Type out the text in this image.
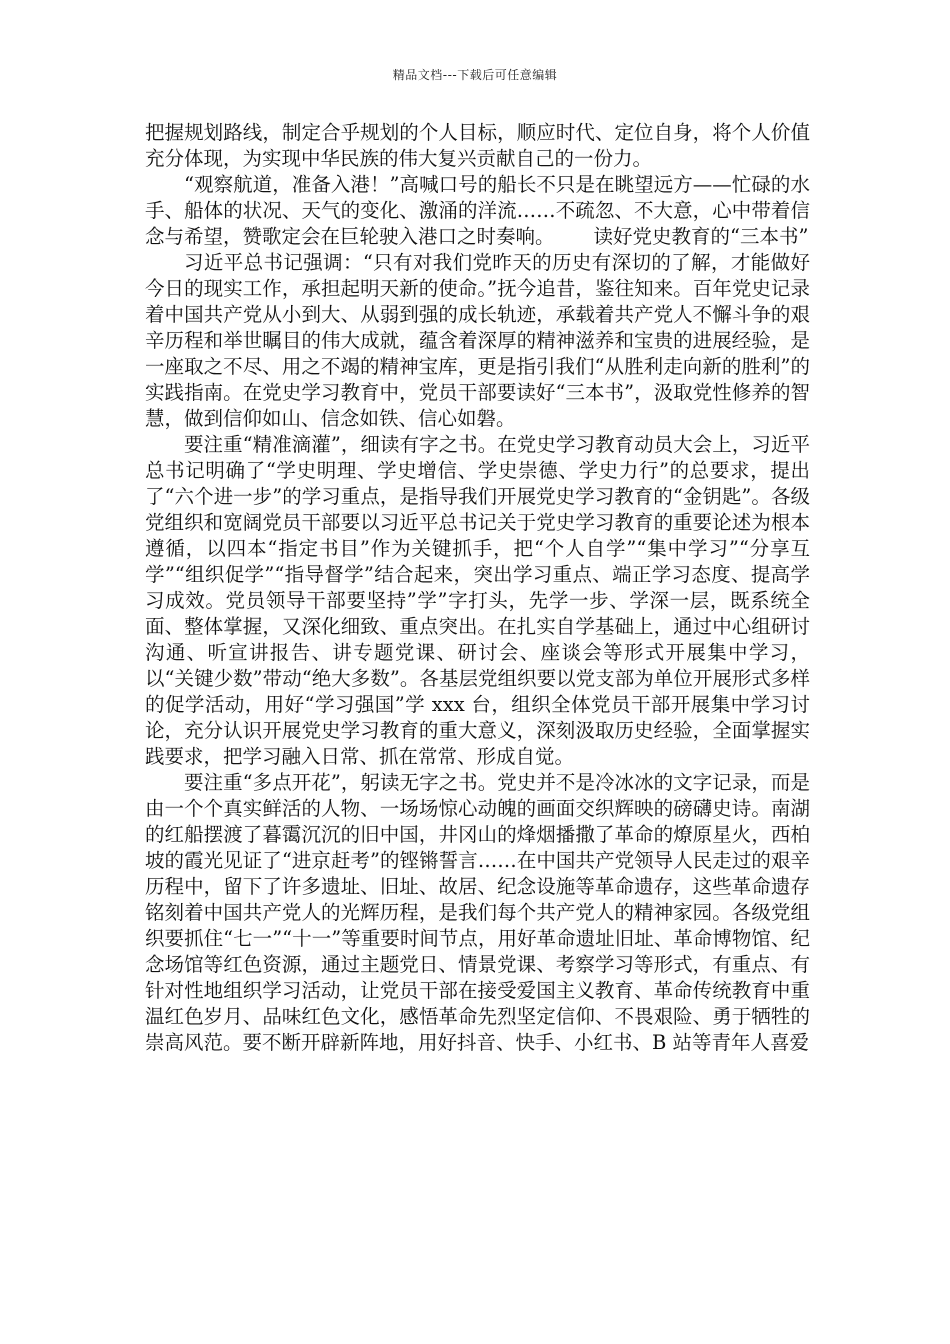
精品文档---下载后可任意编辑

把握规划路线，制定合乎规划的个人目标，顺应时代、定位自身，将个人价值充分体现，为实现中华民族的伟大复兴贡献自己的一份力。

“观察航道，准备入港！”高喊口号的船长不只是在眺望远方——忙碌的水手、船体的状况、天气的变化、激涌的洋流……不疏忽、不大意，心中带着信念与希望，赞歌定会在巨轮驶入港口之时奏响。 读好党史教育的“三本书”

习近平总书记强调：“只有对我们党昨天的历史有深切的了解，才能做好今日的现实工作，承担起明天新的使命。”抚今追昔，鉴往知来。百年党史记录着中国共产党从小到大、从弱到强的成长轨迹，承载着共产党人不懈斗争的艰辛历程和举世瞩目的伟大成就，蕴含着深厚的精神滋养和宝贵的进展经验，是一座取之不尽、用之不竭的精神宝库，更是指引我们“从胜利走向新的胜利”的实践指南。在党史学习教育中，党员干部要读好“三本书”，汲取党性修养的智慧，做到信仰如山、信念如铁、信心如磐。

要注重“精准滴灌”，细读有字之书。在党史学习教育动员大会上，习近平总书记明确了“学史明理、学史增信、学史崇德、学史力行”的总要求，提出了“六个进一步”的学习重点，是指导我们开展党史学习教育的“金钥匙”。各级党组织和宽阔党员干部要以习近平总书记关于党史学习教育的重要论述为根本遵循，以四本“指定书目”作为关键抓手，把“个人自学”“集中学习”“分享互学”“组织促学”“指导督学”结合起来，突出学习重点、端正学习态度、提高学习成效。党员领导干部要坚持”学”字打头，先学一步、学深一层，既系统全面、整体掌握，又深化细致、重点突出。在扎实自学基础上，通过中心组研讨沟通、听宣讲报告、讲专题党课、研讨会、座谈会等形式开展集中学习，以“关键少数”带动“绝大多数”。各基层党组织要以党支部为单位开展形式多样的促学活动，用好“学习强国”学 xxx 台，组织全体党员干部开展集中学习讨论，充分认识开展党史学习教育的重大意义，深刻汲取历史经验，全面掌握实践要求，把学习融入日常、抓在常常、形成自觉。

要注重“多点开花”，躬读无字之书。党史并不是冷冰冰的文字记录，而是由一个个真实鲜活的人物、一场场惊心动魄的画面交织辉映的磅礴史诗。南湖的红船摆渡了暮霭沉沉的旧中国，井冈山的烽烟播撒了革命的燎原星火，西柏坡的霞光见证了“进京赶考”的铿锵誓言……在中国共产党领导人民走过的艰辛历程中，留下了许多遗址、旧址、故居、纪念设施等革命遗存，这些革命遗存铭刻着中国共产党人的光辉历程，是我们每个共产党人的精神家园。各级党组织要抓住“七一”“十一”等重要时间节点，用好革命遗址旧址、革命博物馆、纪念场馆等红色资源，通过主题党日、情景党课、考察学习等形式，有重点、有针对性地组织学习活动，让党员干部在接受爱国主义教育、革命传统教育中重温红色岁月、品味红色文化，感悟革命先烈坚定信仰、不畏艰险、勇于牺牲的崇高风范。要不断开辟新阵地，用好抖音、快手、小红书、B 站等青年人喜爱
